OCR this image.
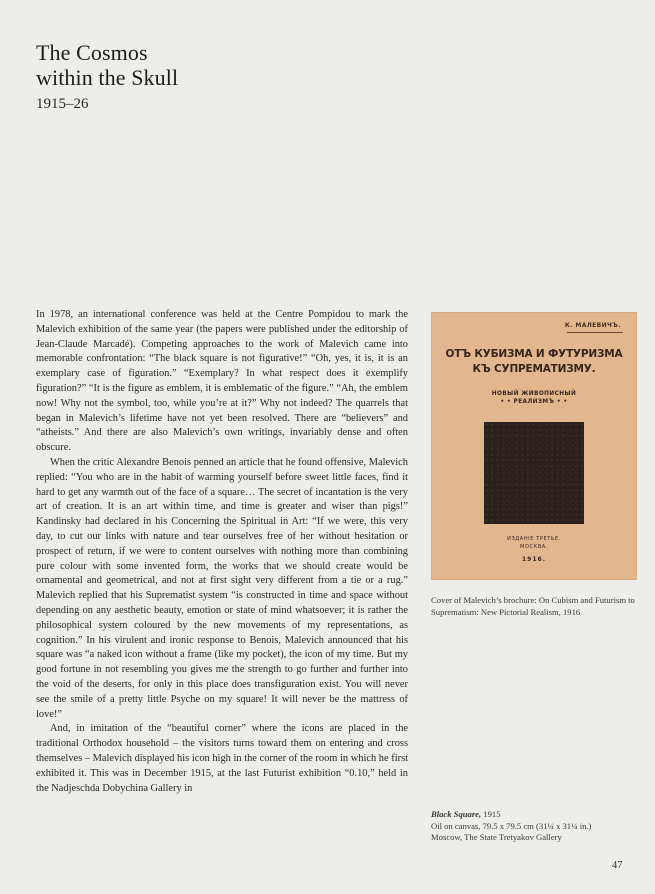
The Cosmos
within the Skull
1915–26

In 1978, an international conference was held at the Centre Pompidou to mark the Malevich exhibition of the same year (the papers were published under the editorship of Jean-Claude Marcadé). Competing approaches to the work of Malevich came into memorable confrontation: “The black square is not figurative!” “Oh, yes, it is, it is an exemplary case of figuration.” “Exemplary? In what respect does it exemplify figuration?” “It is the figure as emblem, it is emblematic of the figure.” “Ah, the emblem now! Why not the symbol, too, while you’re at it?” Why not indeed? The quarrels that began in Malevich’s lifetime have not yet been resolved. There are “believers” and “atheists.” And there are also Malevich’s own writings, invariably dense and often obscure.

When the critic Alexandre Benois penned an article that he found offensive, Malevich replied: “You who are in the habit of warming yourself before sweet little faces, find it hard to get any warmth out of the face of a square… The secret of incantation is the very art of creation. It is an art within time, and time is greater and wiser than pigs!” Kandinsky had declared in his Concerning the Spiritual in Art: “If we were, this very day, to cut our links with nature and tear ourselves free of her without hesitation or prospect of return, if we were to content ourselves with nothing more than combining pure colour with some invented form, the works that we should create would be ornamental and geometrical, and not at first sight very different from a tie or a rug.” Malevich replied that his Suprematist system “is constructed in time and space without depending on any aesthetic beauty, emotion or state of mind whatsoever; it is rather the philosophical system coloured by the new movements of my representations, as cognition.” In his virulent and ironic response to Benois, Malevich announced that his square was “a naked icon without a frame (like my pocket), the icon of my time. But my good fortune in not resembling you gives me the strength to go further and further into the void of the deserts, for only in this place does transfiguration exist. You will never see the smile of a pretty little Psyche on my square! It will never be the mattress of love!”

And, in imitation of the “beautiful corner” where the icons are placed in the traditional Orthodox household – the visitors turns toward them on entering and cross themselves – Malevich displayed his icon high in the corner of the room in which he first exhibited it. This was in December 1915, at the last Futurist exhibition “0.10,” held in the Nadjeschda Dobychina Gallery in

К. МАЛЕВИЧЪ.
ОТЪ КУБИЗМА И ФУТУРИЗМА
КЪ СУПРЕМАТИЗМУ.
НОВЫЙ ЖИВОПИСНЫЙ
• • РЕАЛИЗМЪ • •
ИЗДАНІЕ ТРЕТЬЕ.
МОСКВА.
1916.
Cover of Malevich’s brochure: On Cubism and Futurism to Suprematism: New Pictorial Realism, 1916
Black Square, 1915
Oil on canvas, 79.5 x 79.5 cm (31¼ x 31¼ in.)
Moscow, The State Tretyakov Gallery
47
